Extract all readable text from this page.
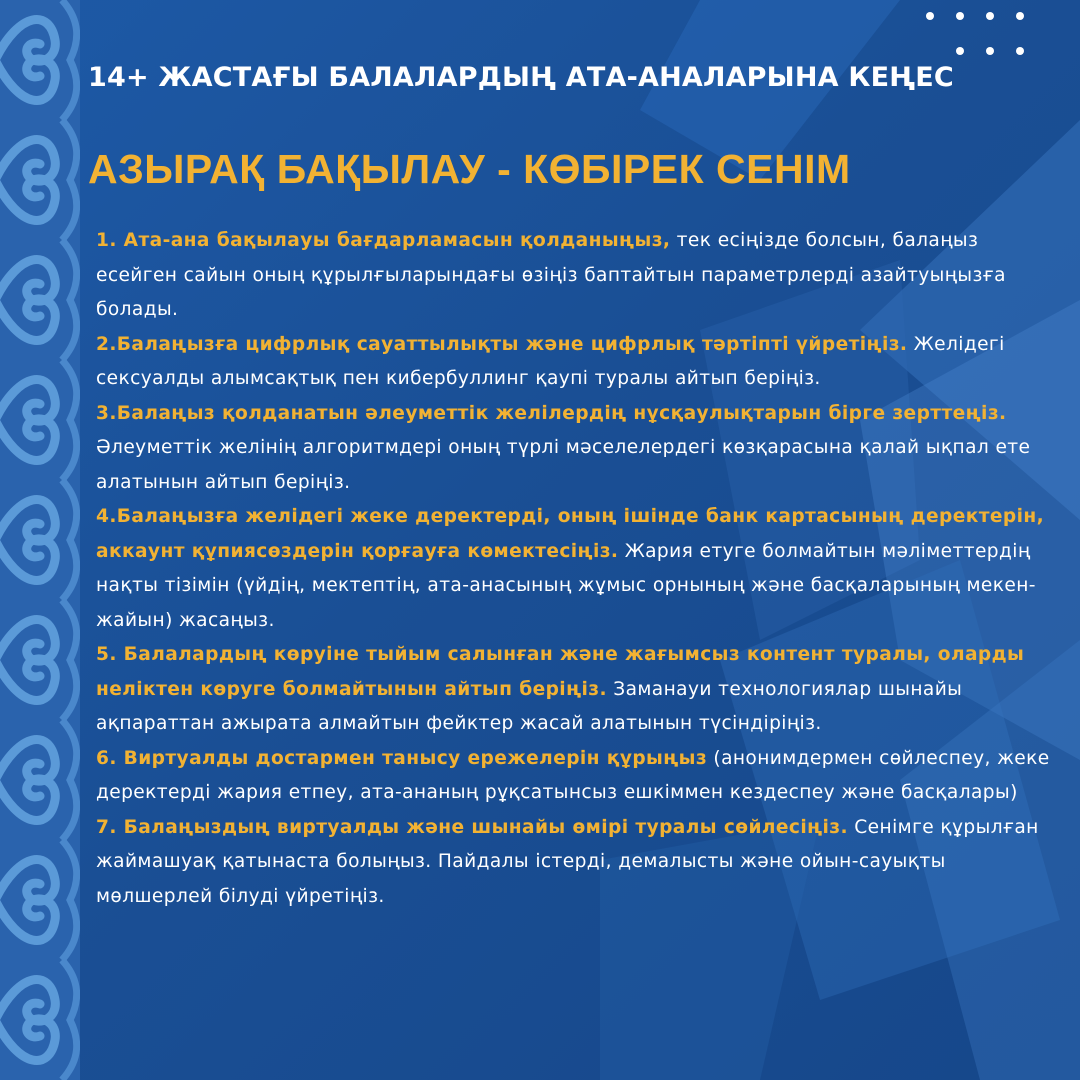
14+ ЖАСТАҒЫ БАЛАЛАРДЫҢ АТА-АНАЛАРЫНА КЕҢЕС
АЗЫРАҚ БАҚЫЛАУ - КӨБІРЕК СЕНІМ

1. Ата-ана бақылауы бағдарламасын қолданыңыз, тек есіңізде болсын, балаңыз есейген сайын оның құрылғыларындағы өзіңіз баптайтын параметрлерді азайтуыңызға болады.

2.Балаңызға цифрлық сауаттылықты және цифрлық тәртіпті үйретіңіз. Желідегі сексуалды алымсақтық пен кибербуллинг қаупі туралы айтып беріңіз.

3.Балаңыз қолданатын әлеуметтік желілердің нұсқаулықтарын бірге зерттеңіз. Әлеуметтік желінің алгоритмдері оның түрлі мәселелердегі көзқарасына қалай ықпал ете алатынын айтып беріңіз.

4.Балаңызға желідегі жеке деректерді, оның ішінде банк картасының деректерін, аккаунт құпиясөздерін қорғауға көмектесіңіз. Жария етуге болмайтын мәліметтердің нақты тізімін (үйдің, мектептің, ата-анасының жұмыс орнының және басқаларының мекен-жайын) жасаңыз.

5. Балалардың көруіне тыйым салынған және жағымсыз контент туралы, оларды неліктен көруге болмайтынын айтып беріңіз. Заманауи технологиялар шынайы ақпараттан ажырата алмайтын фейктер жасай алатынын түсіндіріңіз.

6. Виртуалды достармен танысу ережелерін құрыңыз (анонимдермен сөйлеспеу, жеке деректерді жария етпеу, ата-ананың рұқсатынсыз ешкіммен кездеспеу және басқалары)

7. Балаңыздың виртуалды және шынайы өмірі туралы сөйлесіңіз. Сенімге құрылған жаймашуақ қатынаста болыңыз. Пайдалы істерді, демалысты және ойын-сауықты мөлшерлей білуді үйретіңіз.
